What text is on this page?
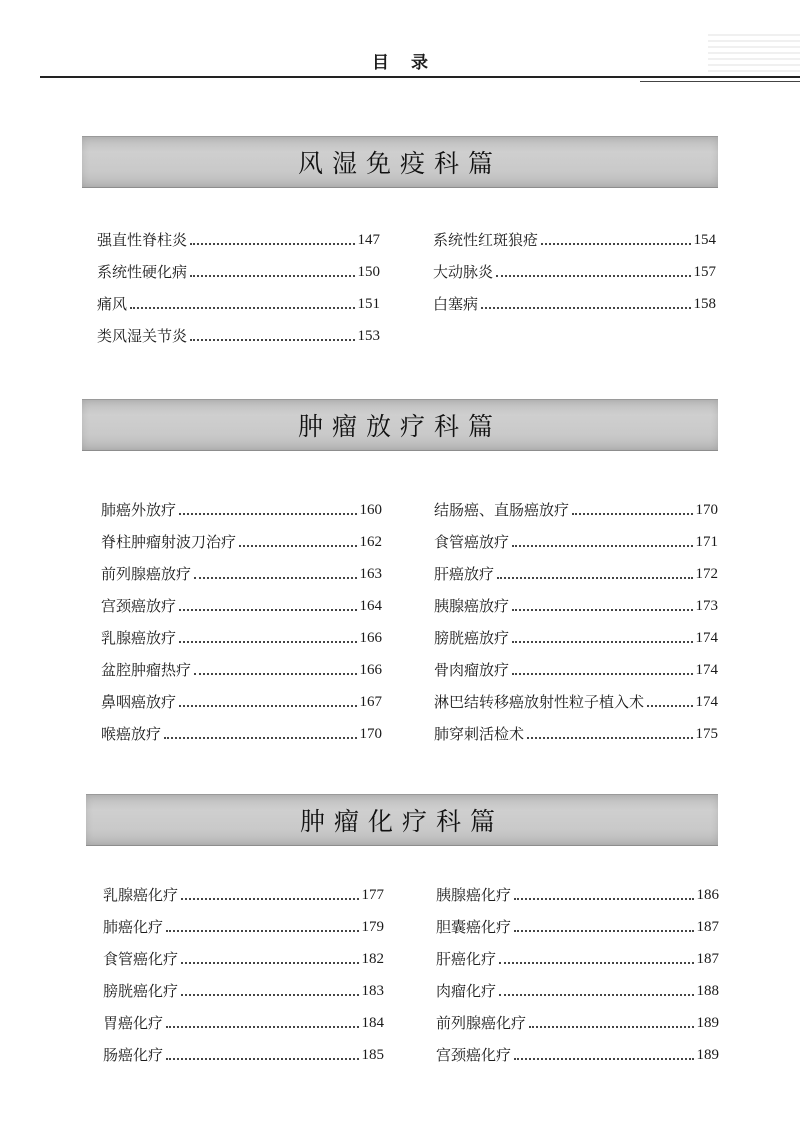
目录
风湿免疫科篇
强直性脊柱炎	147
系统性硬化病	150
痛风	151
类风湿关节炎	153
系统性红斑狼疮	154
大动脉炎	157
白塞病	158
肿瘤放疗科篇
肺癌外放疗	160
脊柱肿瘤射波刀治疗	162
前列腺癌放疗	163
宫颈癌放疗	164
乳腺癌放疗	166
盆腔肿瘤热疗	166
鼻咽癌放疗	167
喉癌放疗	170
结肠癌、直肠癌放疗	170
食管癌放疗	171
肝癌放疗	172
胰腺癌放疗	173
膀胱癌放疗	174
骨肉瘤放疗	174
淋巴结转移癌放射性粒子植入术	174
肺穿刺活检术	175
肿瘤化疗科篇
乳腺癌化疗	177
肺癌化疗	179
食管癌化疗	182
膀胱癌化疗	183
胃癌化疗	184
肠癌化疗	185
胰腺癌化疗	186
胆囊癌化疗	187
肝癌化疗	187
肉瘤化疗	188
前列腺癌化疗	189
宫颈癌化疗	189
